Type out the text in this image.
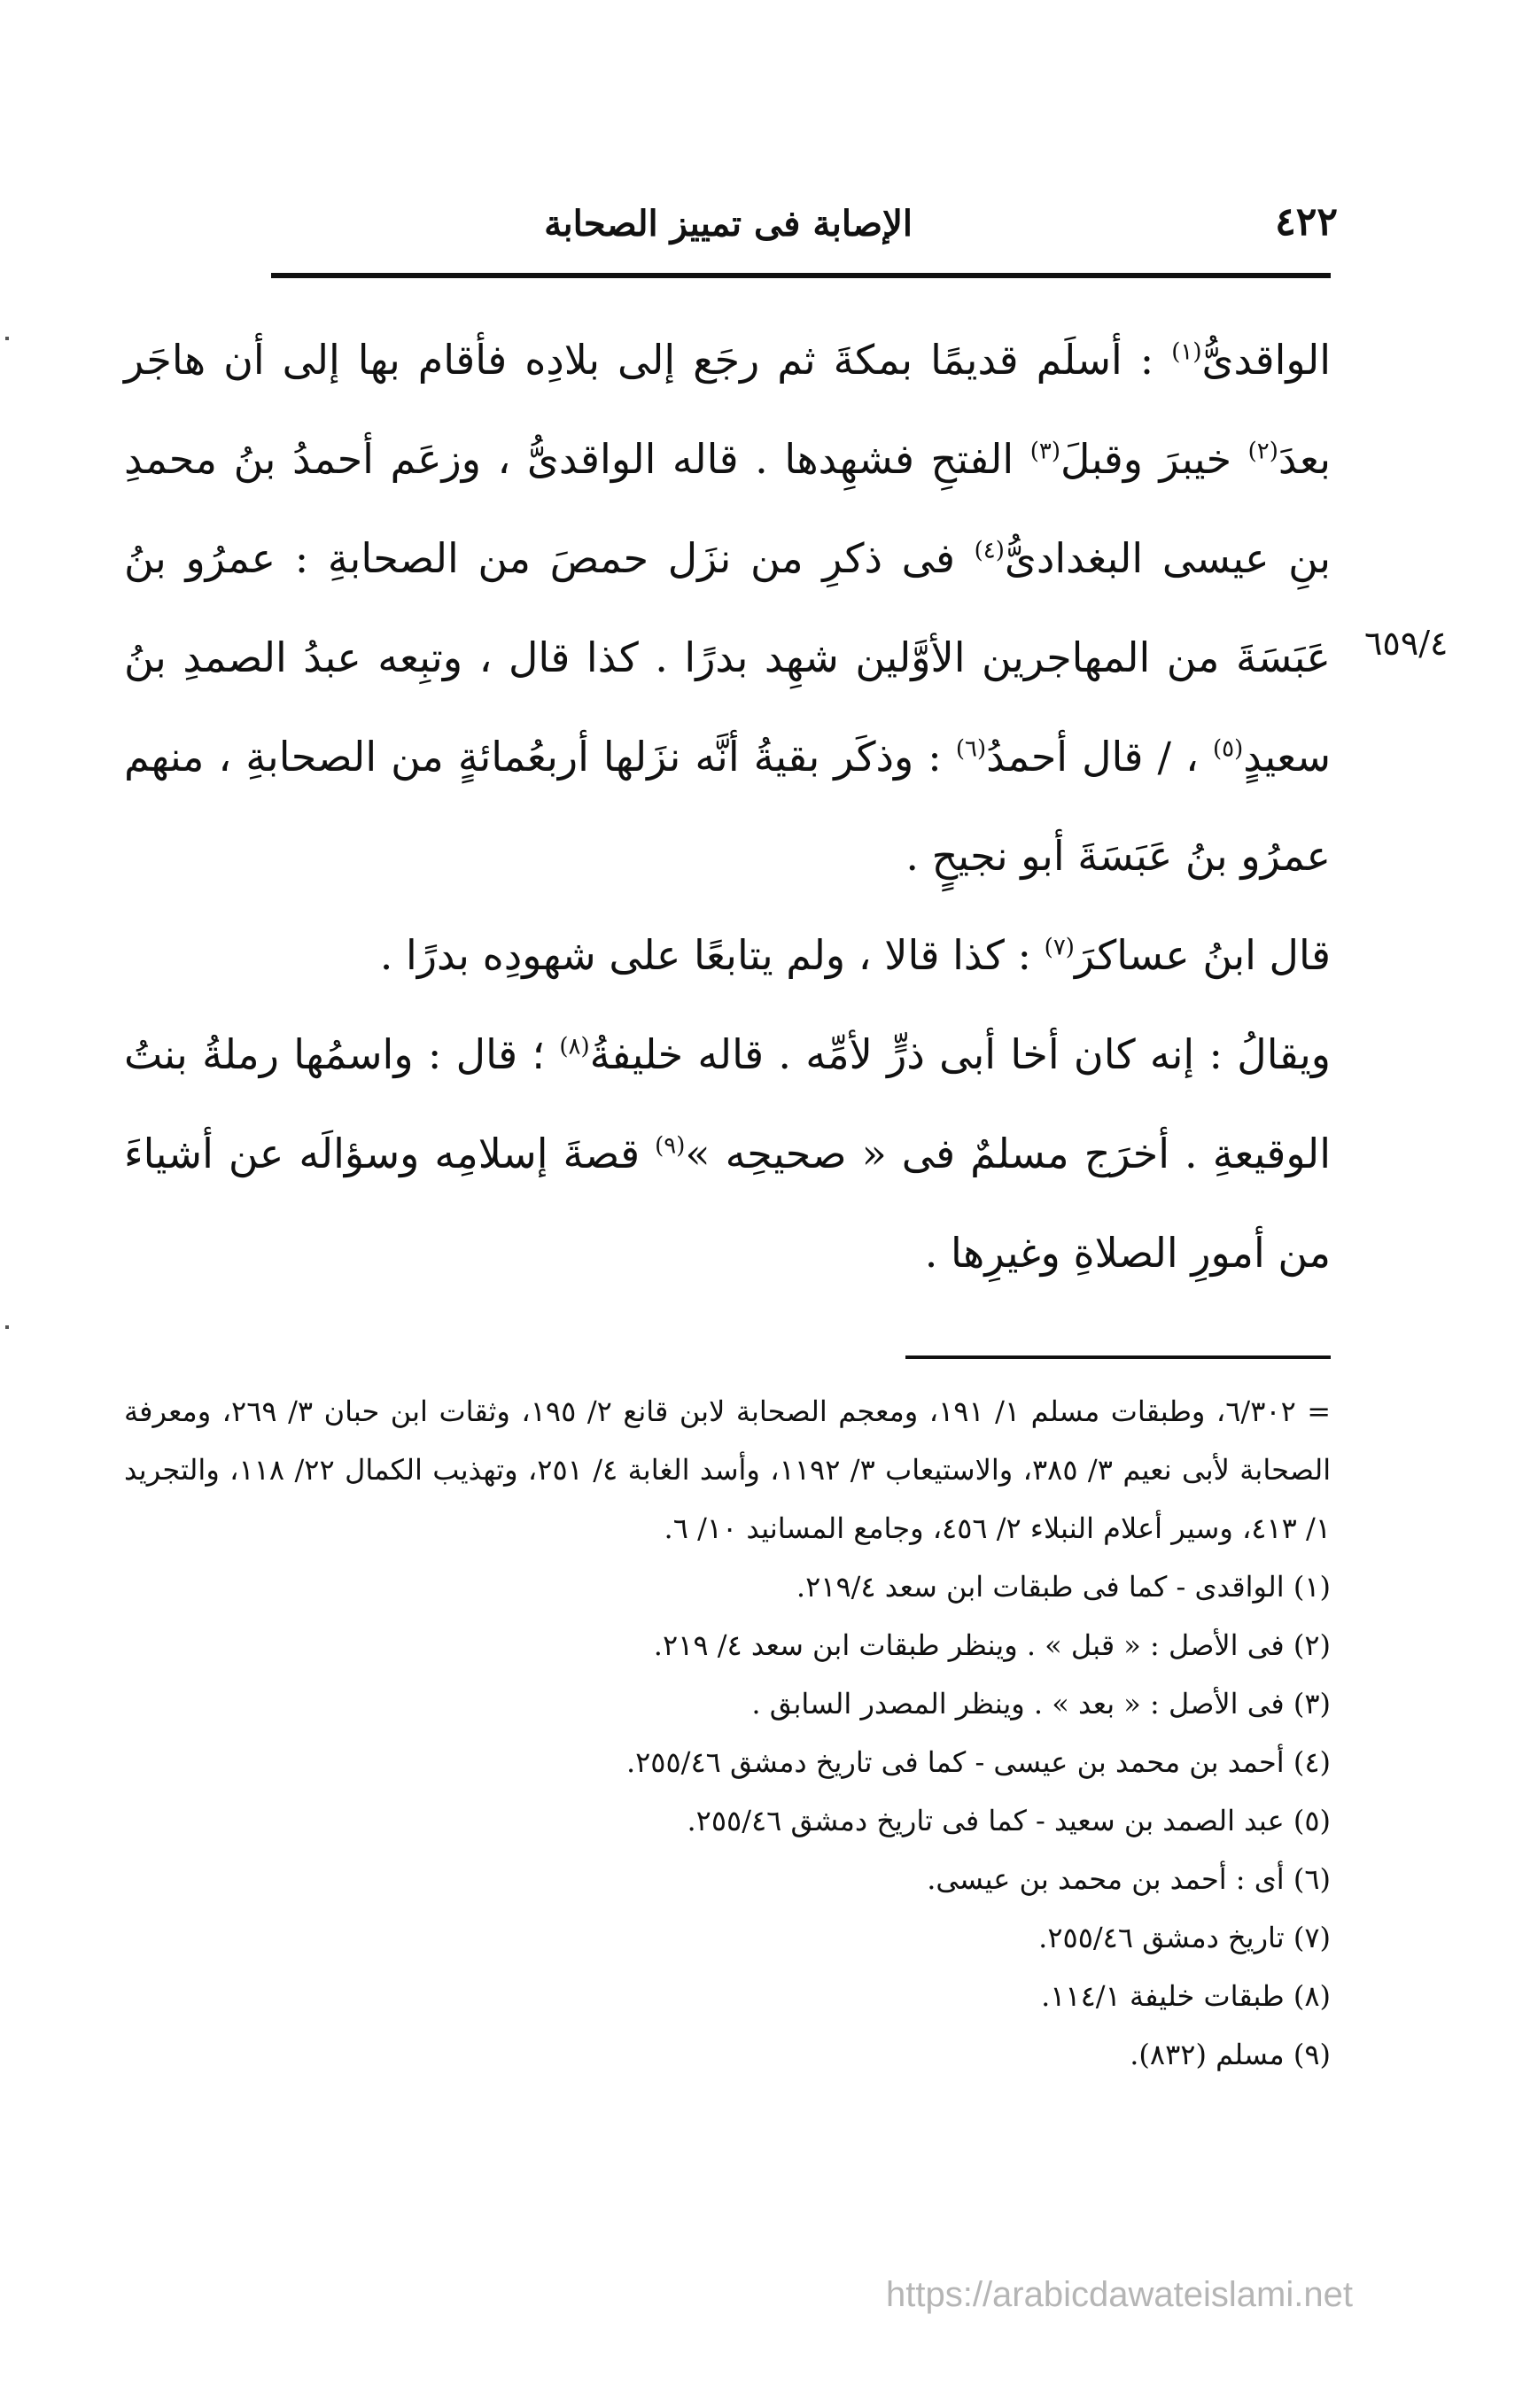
٤٢٢
الإصابة فى تمييز الصحابة
٦٥٩/٤

الواقدىُّ$^{(١)}$ : أسلَم قديمًا بمكةَ ثم رجَع إلى بلادِه فأقام بها إلى أن هاجَر بعدَ$^{(٢)}$ خيبرَ وقبلَ$^{(٣)}$ الفتحِ فشهِدها . قاله الواقدىُّ ، وزعَم أحمدُ بنُ محمدِ بنِ عيسى البغدادىُّ$^{(٤)}$ فى ذكرِ من نزَل حمصَ من الصحابةِ : عمرُو بنُ عَبَسَةَ من المهاجرين الأوَّلين شهِد بدرًا . كذا قال ، وتبِعه عبدُ الصمدِ بنُ سعيدٍ$^{(٥)}$ ، / قال أحمدُ$^{(٦)}$ : وذكَر بقيةُ أنَّه نزَلها أربعُمائةٍ من الصحابةِ ، منهم عمرُو بنُ عَبَسَةَ أبو نجيحٍ .

قال ابنُ عساكرَ$^{(٧)}$ : كذا قالا ، ولم يتابعًا على شهودِه بدرًا .

ويقالُ : إنه كان أخا أبى ذرٍّ لأمِّه . قاله خليفةُ$^{(٨)}$ ؛ قال : واسمُها رملةُ بنتُ الوقيعةِ . أخرَج مسلمٌ فى « صحيحِه »$^{(٩)}$ قصةَ إسلامِه وسؤالَه عن أشياءَ من أمورِ الصلاةِ وغيرِها .

= ٦/٣٠٢، وطبقات مسلم ١/ ١٩١، ومعجم الصحابة لابن قانع ٢/ ١٩٥، وثقات ابن حبان ٣/ ٢٦٩، ومعرفة الصحابة لأبى نعيم ٣/ ٣٨٥، والاستيعاب ٣/ ١١٩٢، وأسد الغابة ٤/ ٢٥١، وتهذيب الكمال ٢٢/ ١١٨، والتجريد ١/ ٤١٣، وسير أعلام النبلاء ٢/ ٤٥٦، وجامع المسانيد ١٠/ ٦.

(١) الواقدى - كما فى طبقات ابن سعد ٢١٩/٤.

(٢) فى الأصل : « قبل » . وينظر طبقات ابن سعد ٤/ ٢١٩.

(٣) فى الأصل : « بعد » . وينظر المصدر السابق .

(٤) أحمد بن محمد بن عيسى - كما فى تاريخ دمشق ٢٥٥/٤٦.

(٥) عبد الصمد بن سعيد - كما فى تاريخ دمشق ٢٥٥/٤٦.

(٦) أى : أحمد بن محمد بن عيسى.

(٧) تاريخ دمشق ٢٥٥/٤٦.

(٨) طبقات خليفة ١١٤/١.

(٩) مسلم (٨٣٢).

https://arabicdawateislami.net
